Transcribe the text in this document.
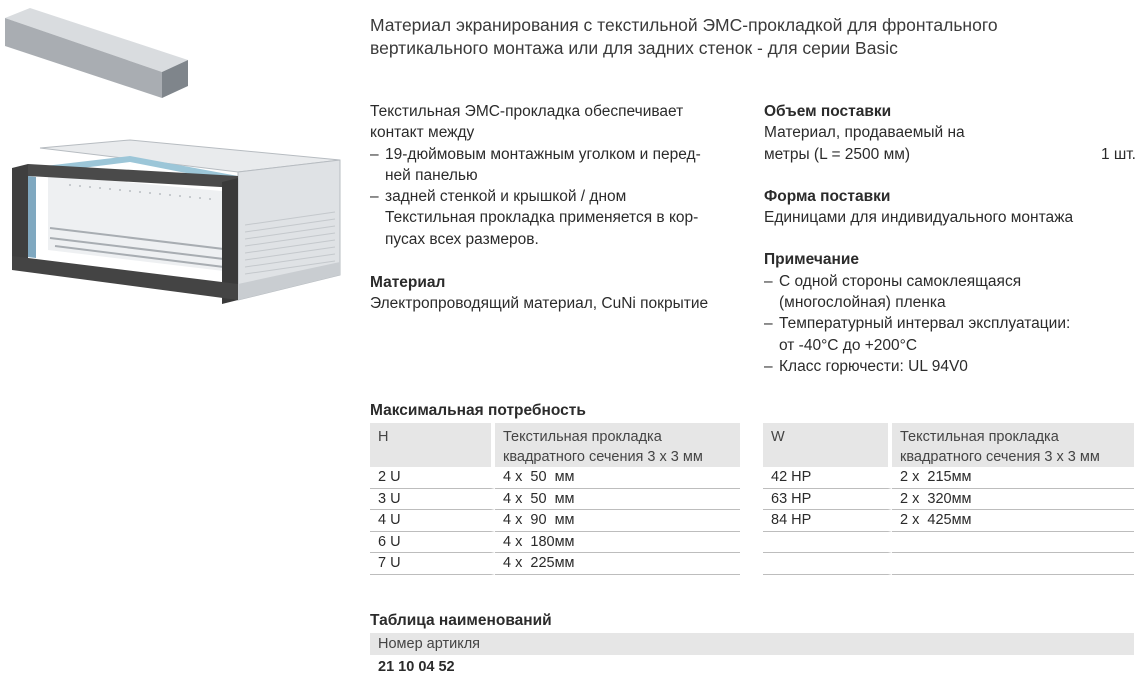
Материал экранирования с текстильной ЭМС-прокладкой для фронтального
вертикального монтажа или для задних стенок - для серии Basic
Текстильная ЭМС-прокладка обеспечивает
контакт между
– 19-дюймовым монтажным уголком и перед-
ней панелью
– задней стенкой и крышкой / дном
Текстильная прокладка применяется в кор-
пусах всех размеров.
Материал
Электропроводящий материал, CuNi покрытие
Объем поставки
Материал, продаваемый на
метры (L = 2500 мм)	1 шт.
Форма поставки
Единицами для индивидуального монтажа
Примечание
– С одной стороны самоклеящаяся
(многослойная) пленка
– Температурный интервал эксплуатации:
от -40°С до +200°С
– Класс горючести: UL 94V0
Максимальная потребность
H	Текстильная прокладка
квадратного сечения 3 x 3 мм

2 U	4 x  50  мм
3 U	4 x  50  мм
4 U	4 x  90  мм
6 U	4 x  180мм
7 U	4 x  225мм
W	Текстильная прокладка
квадратного сечения 3 x 3 мм

42 HP	2 x  215мм
63 HP	2 x  320мм
84 HP	2 x  425мм

Таблица наименований
Номер артикля
21 10 04 52
